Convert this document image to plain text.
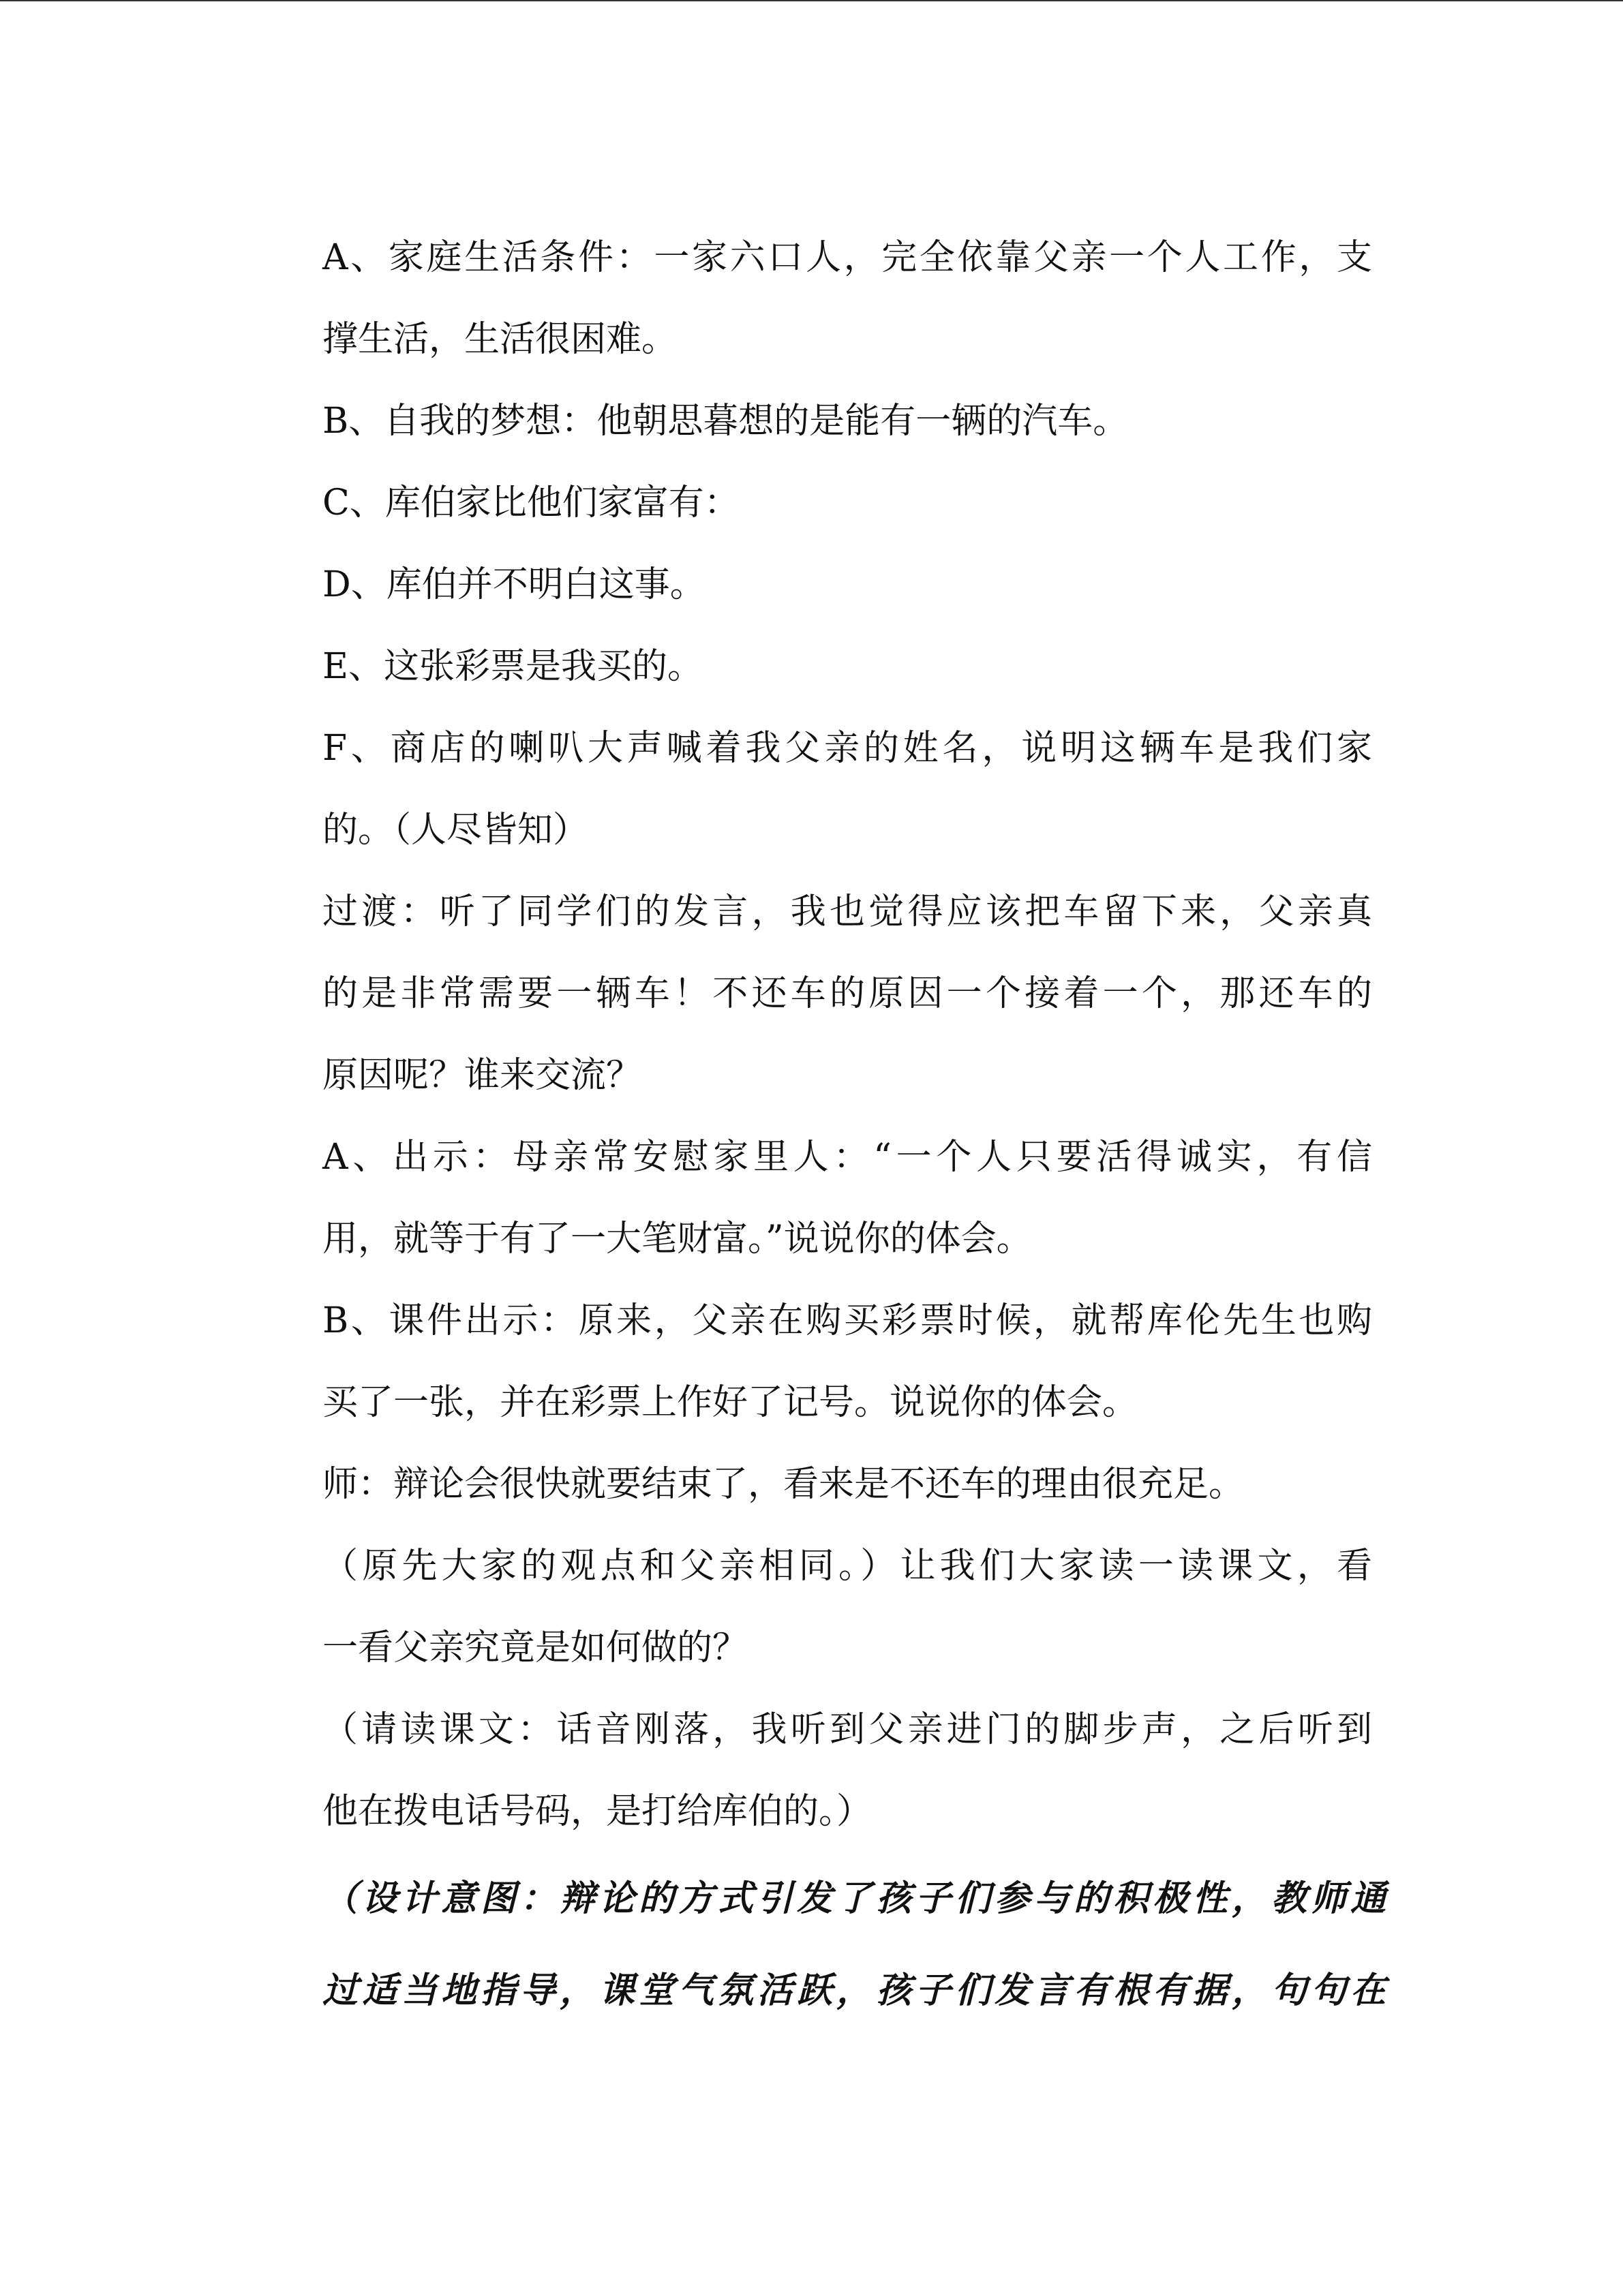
A、家庭生活条件：一家六口人，完全依靠父亲一个人工作，支
撑生活，生活很困难。
B、自我的梦想：他朝思暮想的是能有一辆的汽车。
C、库伯家比他们家富有：
D、库伯并不明白这事。
E、这张彩票是我买的。
F、商店的喇叭大声喊着我父亲的姓名，说明这辆车是我们家
的。（人尽皆知）
过渡：听了同学们的发言，我也觉得应该把车留下来，父亲真
的是非常需要一辆车！不还车的原因一个接着一个，那还车的
原因呢？谁来交流？
A、出示：母亲常安慰家里人：“一个人只要活得诚实，有信
用，就等于有了一大笔财富。”说说你的体会。
B、课件出示：原来，父亲在购买彩票时候，就帮库伦先生也购
买了一张，并在彩票上作好了记号。说说你的体会。
师：辩论会很快就要结束了，看来是不还车的理由很充足。
（原先大家的观点和父亲相同。）让我们大家读一读课文，看
一看父亲究竟是如何做的？
（请读课文：话音刚落，我听到父亲进门的脚步声，之后听到
他在拨电话号码，是打给库伯的。）
（设计意图：辩论的方式引发了孩子们参与的积极性，教师通
过适当地指导，课堂气氛活跃，孩子们发言有根有据，句句在
